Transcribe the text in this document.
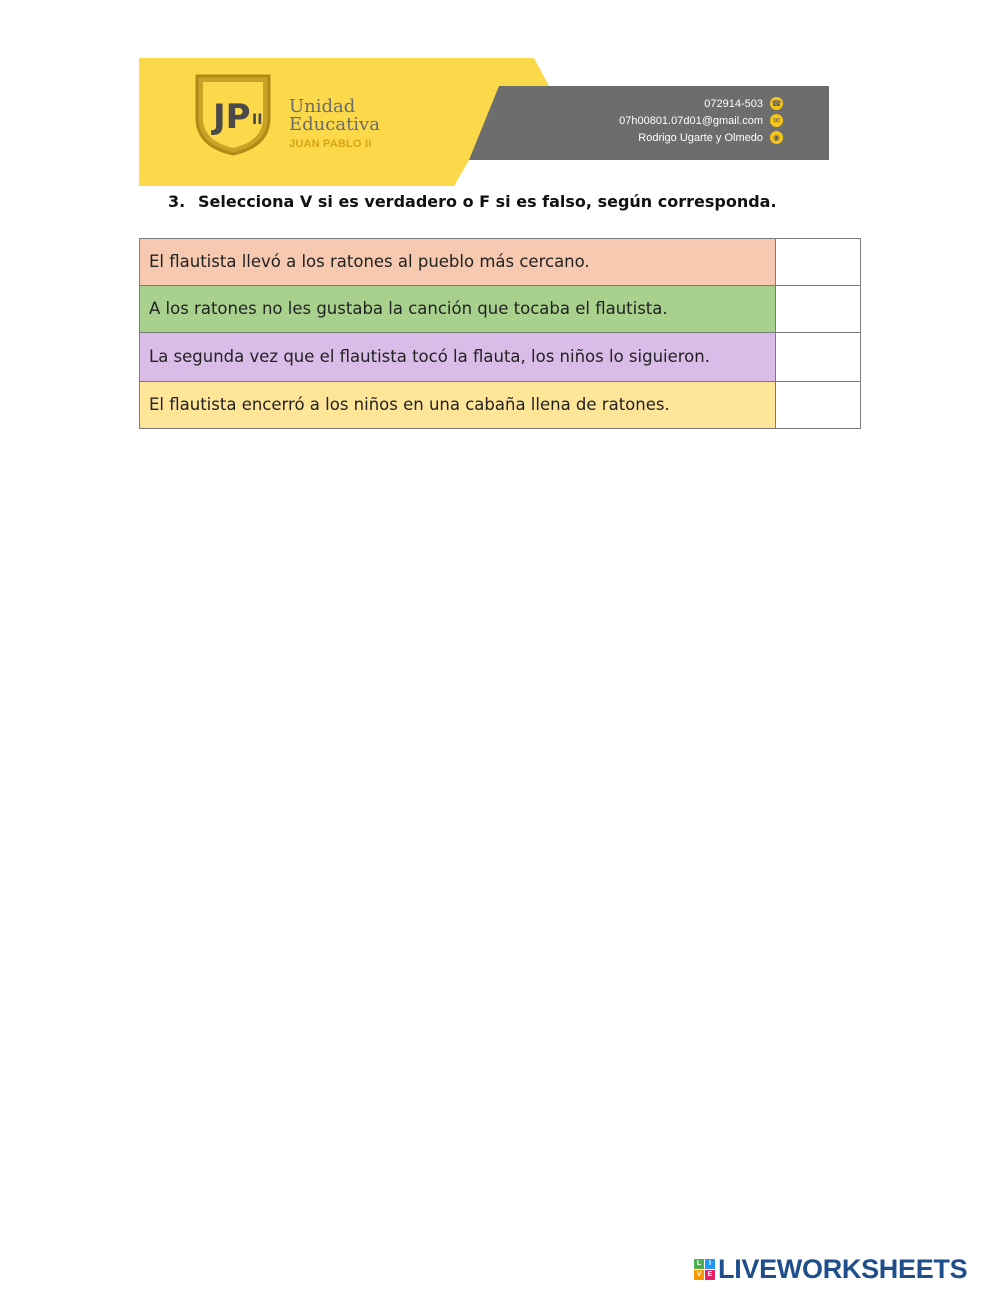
JP II
Unidad
Educativa
JUAN PABLO II
072914-503 ☎
07h00801.07d01@gmail.com	✉
Rodrigo Ugarte y Olmedo	◉
3. Selecciona V si es verdadero o F si es falso, según corresponda.
El flautista llevó a los ratones al pueblo más cercano.	
A los ratones no les gustaba la canción que tocaba el flautista.	
La segunda vez que el flautista tocó la flauta, los niños lo siguieron.	
El flautista encerró a los niños en una cabaña llena de ratones.	
L	I
V E LIVEWORKSHEETS
